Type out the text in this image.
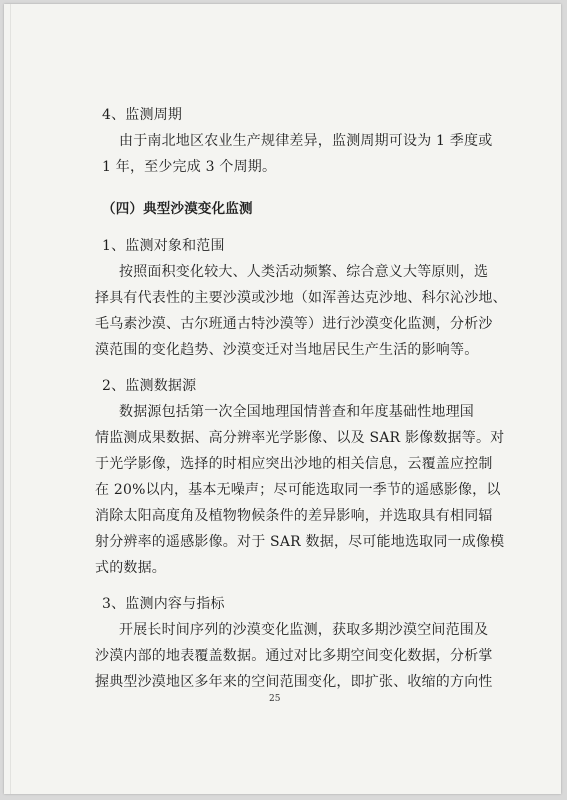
4、监测周期
由于南北地区农业生产规律差异，监测周期可设为 1 季度或
1 年，至少完成 3 个周期。
（四）典型沙漠变化监测
1、监测对象和范围
按照面积变化较大、人类活动频繁、综合意义大等原则，选
择具有代表性的主要沙漠或沙地（如浑善达克沙地、科尔沁沙地、
毛乌素沙漠、古尔班通古特沙漠等）进行沙漠变化监测，分析沙
漠范围的变化趋势、沙漠变迁对当地居民生产生活的影响等。
2、监测数据源
数据源包括第一次全国地理国情普查和年度基础性地理国
情监测成果数据、高分辨率光学影像、以及 SAR 影像数据等。对
于光学影像，选择的时相应突出沙地的相关信息，云覆盖应控制
在 20%以内，基本无噪声；尽可能选取同一季节的遥感影像，以
消除太阳高度角及植物物候条件的差异影响，并选取具有相同辐
射分辨率的遥感影像。对于 SAR 数据，尽可能地选取同一成像模
式的数据。
3、监测内容与指标
开展长时间序列的沙漠变化监测，获取多期沙漠空间范围及
沙漠内部的地表覆盖数据。通过对比多期空间变化数据，分析掌
握典型沙漠地区多年来的空间范围变化，即扩张、收缩的方向性
25
